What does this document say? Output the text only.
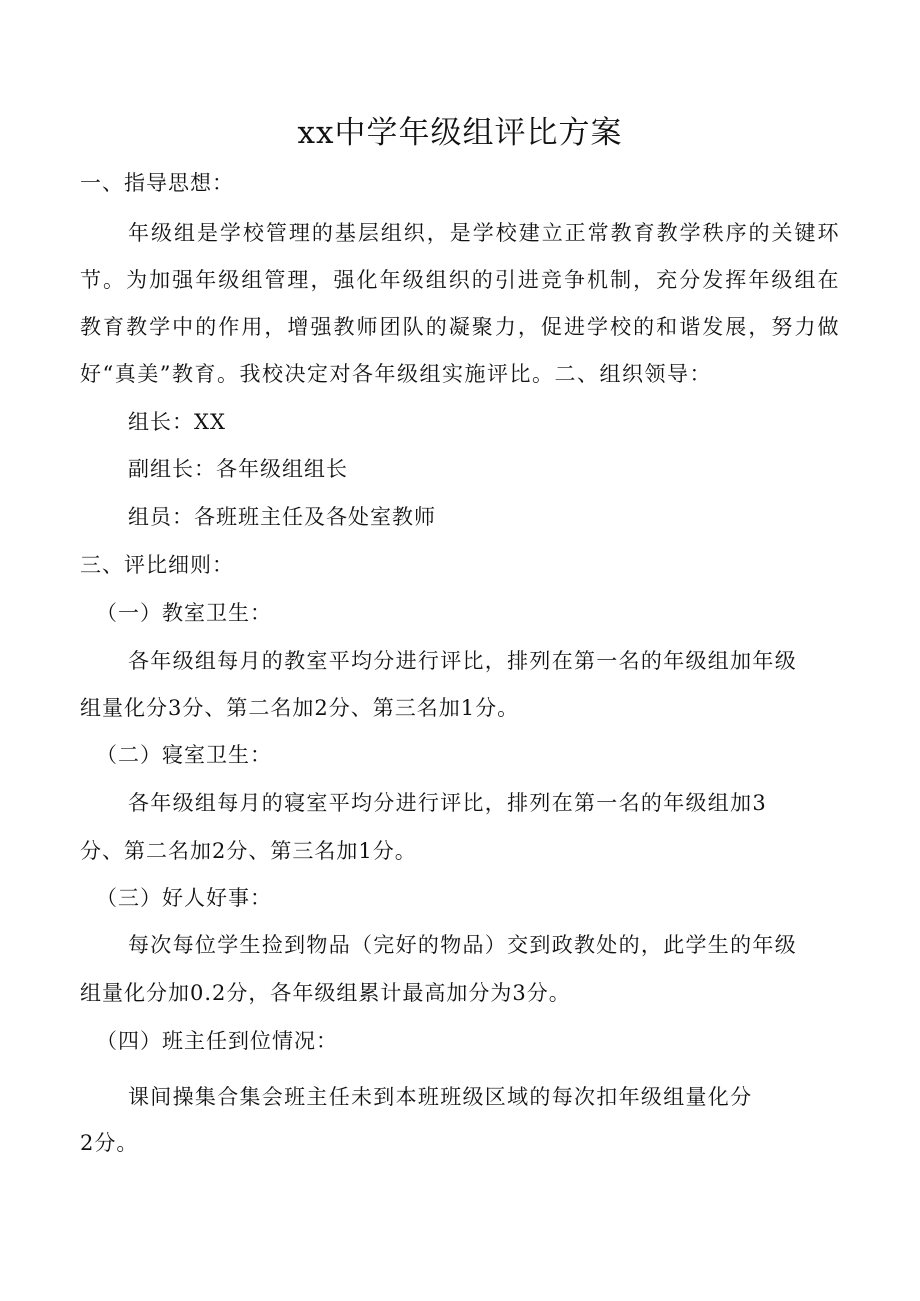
xx中学年级组评比方案

一、指导思想：

年级组是学校管理的基层组织，是学校建立正常教育教学秩序的关键环节。为加强年级组管理，强化年级组织的引进竞争机制，充分发挥年级组在教育教学中的作用，增强教师团队的凝聚力，促进学校的和谐发展，努力做好“真美”教育。我校决定对各年级组实施评比。二、组织领导：

组长：XX

副组长：各年级组组长

组员：各班班主任及各处室教师

三、评比细则：

（一）教室卫生：

各年级组每月的教室平均分进行评比，排列在第一名的年级组加年级

组量化分3分、第二名加2分、第三名加1分。

（二）寝室卫生：

各年级组每月的寝室平均分进行评比，排列在第一名的年级组加3

分、第二名加2分、第三名加1分。

（三）好人好事：

每次每位学生捡到物品（完好的物品）交到政教处的，此学生的年级

组量化分加0.2分，各年级组累计最高加分为3分。

（四）班主任到位情况：

课间操集合集会班主任未到本班班级区域的每次扣年级组量化分

2分。
